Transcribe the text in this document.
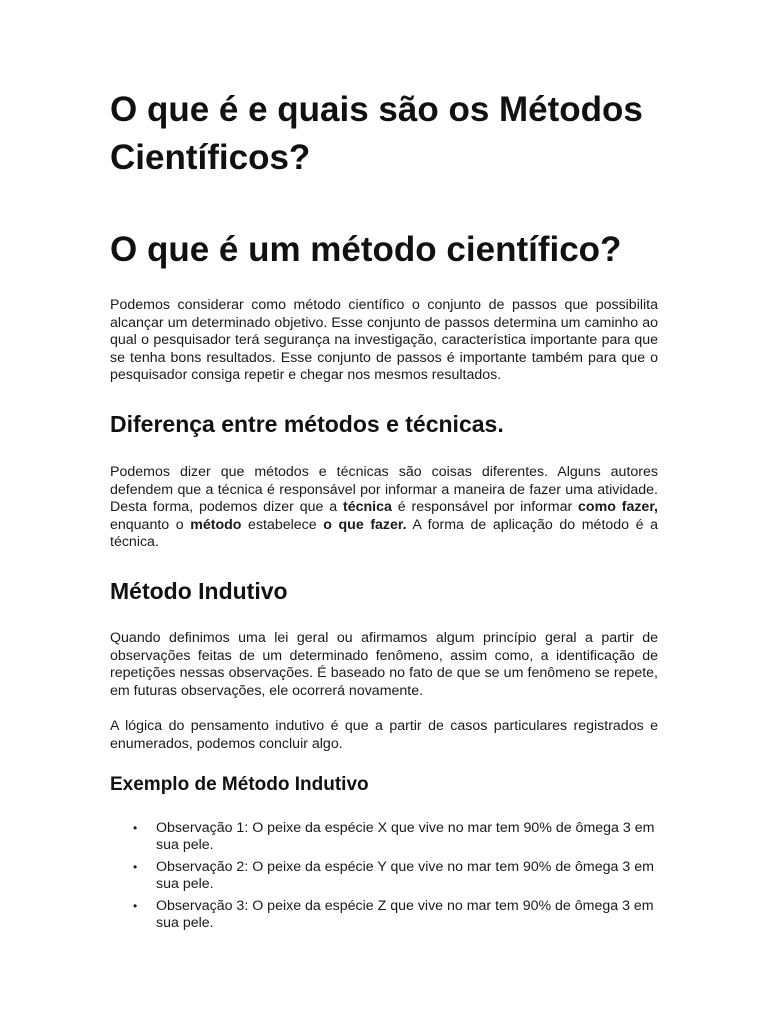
O que é e quais são os Métodos Científicos?
O que é um método científico?

Podemos considerar como método científico o conjunto de passos que possibilita alcançar um determinado objetivo. Esse conjunto de passos determina um caminho ao qual o pesquisador terá segurança na investigação, característica importante para que se tenha bons resultados. Esse conjunto de passos é importante também para que o pesquisador consiga repetir e chegar nos mesmos resultados.

Diferença entre métodos e técnicas.

Podemos dizer que métodos e técnicas são coisas diferentes. Alguns autores defendem que a técnica é responsável por informar a maneira de fazer uma atividade. Desta forma, podemos dizer que a técnica é responsável por informar como fazer, enquanto o método estabelece o que fazer. A forma de aplicação do método é a técnica.

Método Indutivo

Quando definimos uma lei geral ou afirmamos algum princípio geral a partir de observações feitas de um determinado fenômeno, assim como, a identificação de repetições nessas observações. É baseado no fato de que se um fenômeno se repete, em futuras observações, ele ocorrerá novamente.

A lógica do pensamento indutivo é que a partir de casos particulares registrados e enumerados, podemos concluir algo.

Exemplo de Método Indutivo
• Observação 1: O peixe da espécie X que vive no mar tem 90% de ômega 3 em sua pele.
• Observação 2: O peixe da espécie Y que vive no mar tem 90% de ômega 3 em sua pele.
• Observação 3: O peixe da espécie Z que vive no mar tem 90% de ômega 3 em sua pele.
